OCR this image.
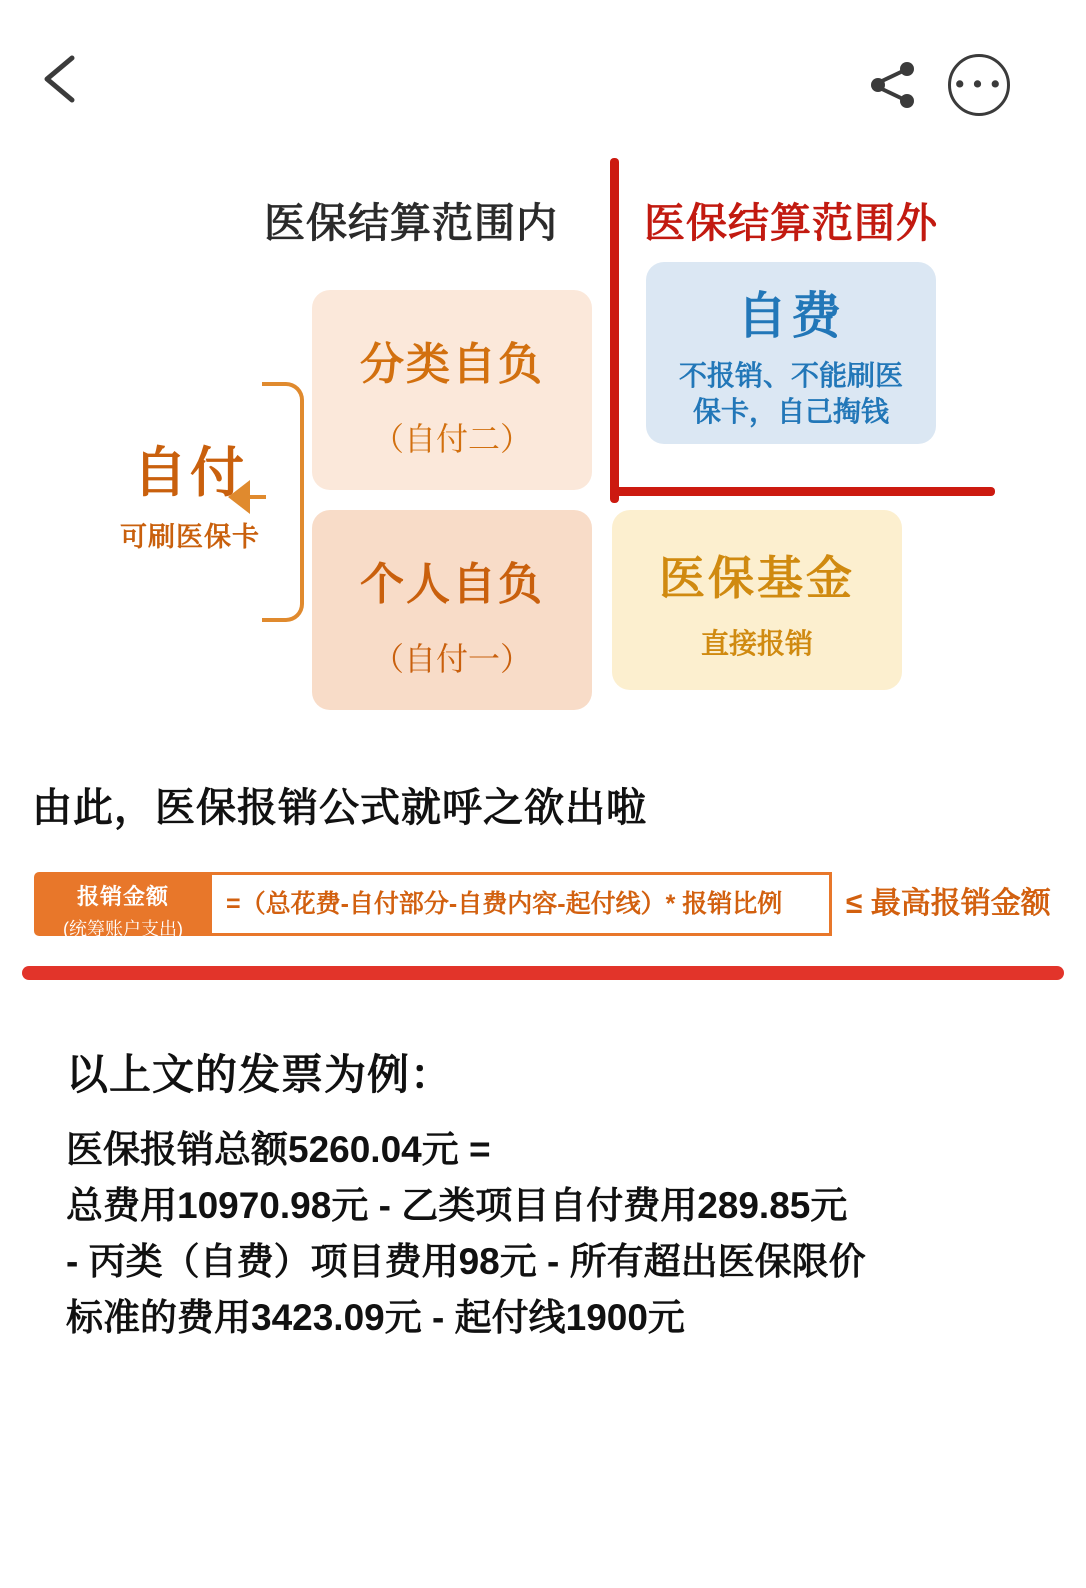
•••
医保结算范围内 医保结算范围外
自付
可刷医保卡
分类自负
（自付二）
个人自负
（自付一）
自费
不报销、不能刷医
保卡，自己掏钱
医保基金
直接报销
由此，医保报销公式就呼之欲出啦
报销金额
(统筹账户支出)
=（总花费-自付部分-自费内容-起付线）* 报销比例	≤ 最高报销金额
以上文的发票为例：
医保报销总额5260.04元 =
总费用10970.98元 - 乙类项目自付费用289.85元
- 丙类（自费）项目费用98元 - 所有超出医保限价
标准的费用3423.09元 - 起付线1900元
